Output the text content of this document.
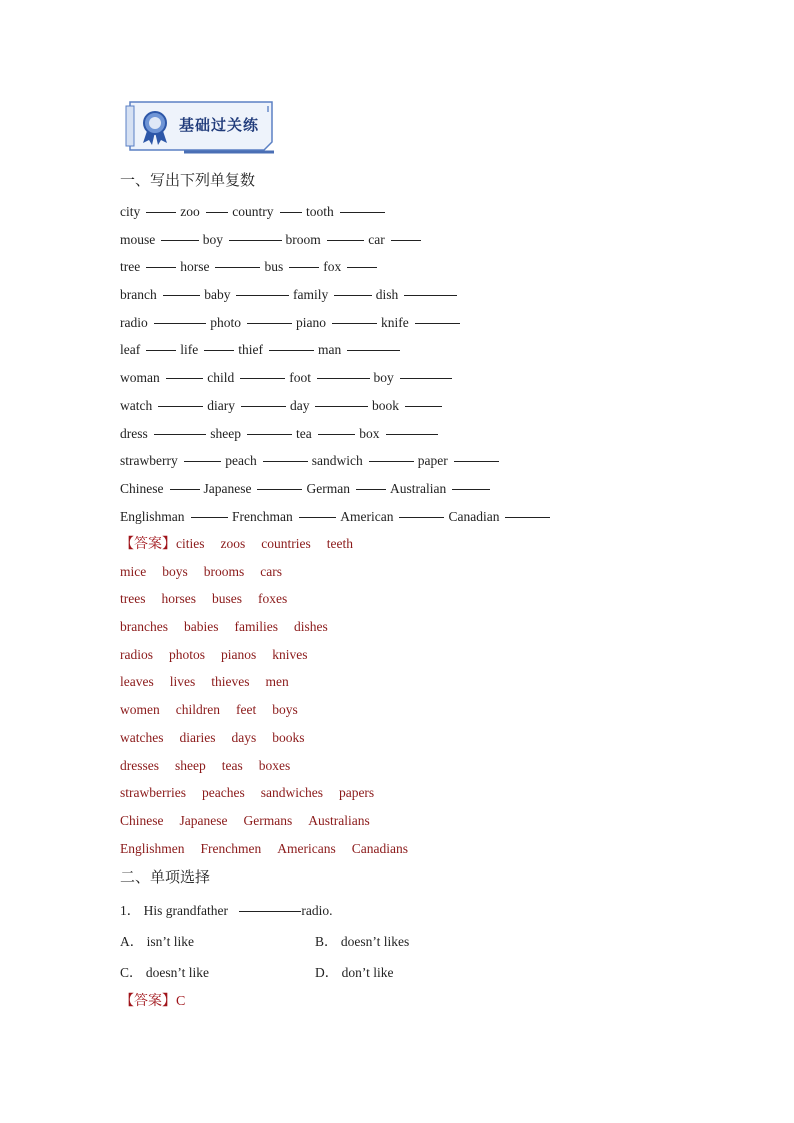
基础过关练
一、写出下列单复数
city	zoo country tooth
mouse	boy	broom	car
tree	horse	bus	fox
branch	baby	family	dish
radio	photo	piano	knife
leaf	life	thief	man
woman	child	foot	boy
watch	diary	day	book
dress	sheep	tea	box
strawberry	peach	sandwich	paper
Chinese	Japanese	German	Australian
Englishman	Frenchman	American	Canadian
【答案】cities zoos countries teeth
mice boys brooms cars
trees horses buses foxes
branches babies families dishes
radios photos pianos knives
leaves lives thieves men
women children feet boys
watches diaries days books
dresses sheep teas boxes
strawberries peaches sandwiches papers
Chinese Japanese Germans Australians
Englishmen Frenchmen Americans Canadians
二、单项选择
1． His grandfather	radio.
A． isn’t like	B． doesn’t likes
C． doesn’t like	D． don’t like
【答案】C
